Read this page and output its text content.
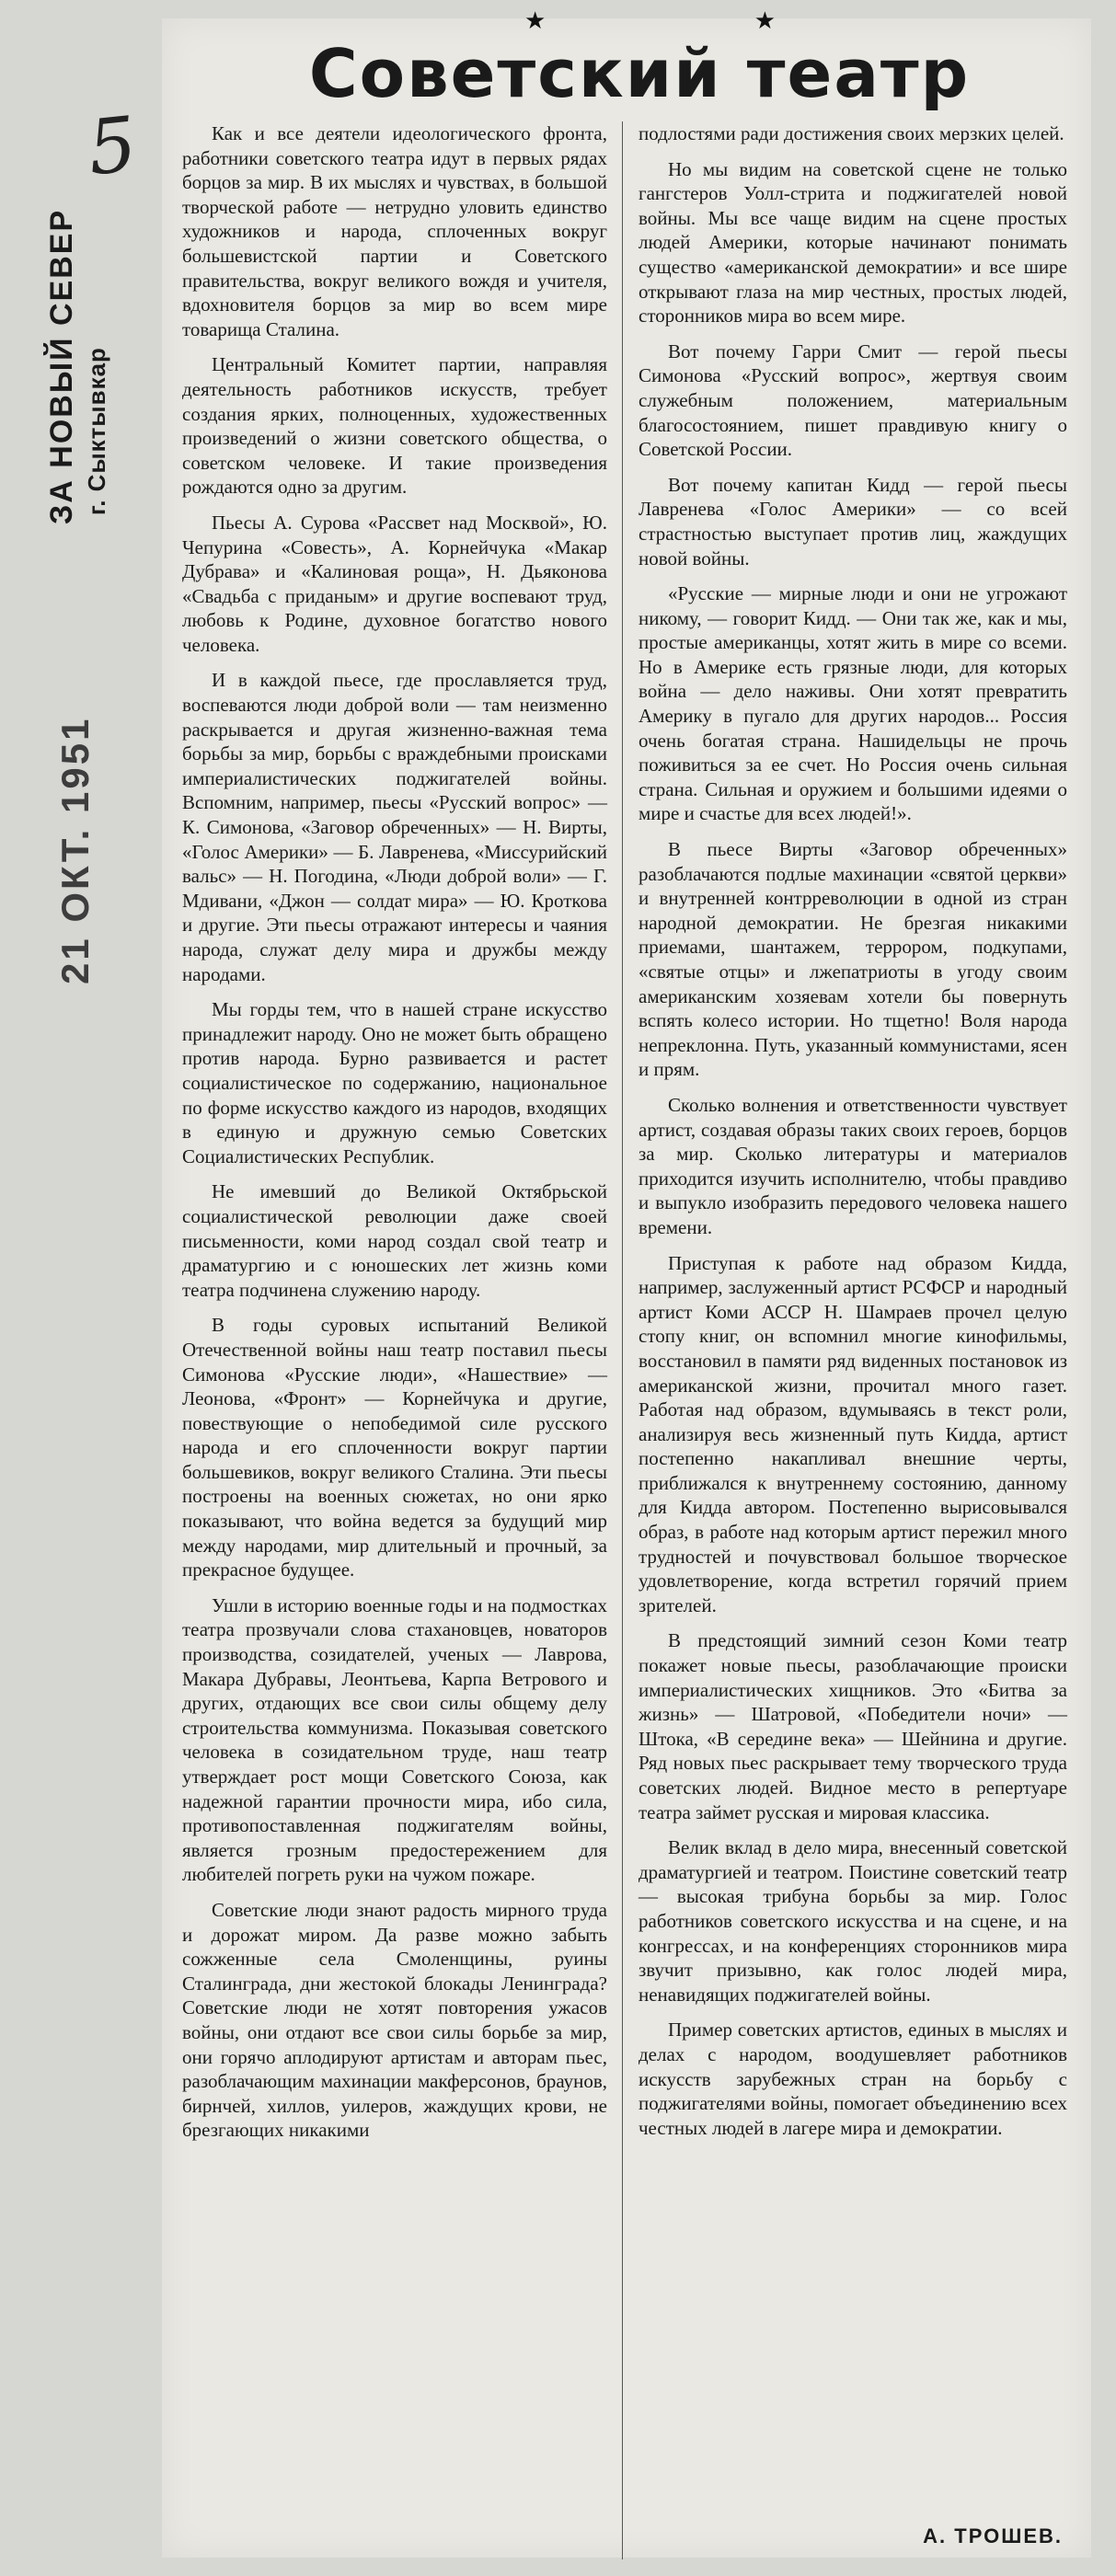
5
ЗА НОВЫЙ СЕВЕР г. Сыктывкар
21 ОКТ. 1951
★ ★
Советский театр

Как и все деятели идеологического фронта, работники советского театра идут в первых рядах борцов за мир. В их мыслях и чувствах, в большой творческой работе — нетрудно уловить единство художников и народа, сплоченных вокруг большевистской партии и Советского правительства, вокруг великого вождя и учителя, вдохновителя борцов за мир во всем мире товарища Сталина.

Центральный Комитет партии, направляя деятельность работников искусств, требует создания ярких, полноценных, художественных произведений о жизни советского общества, о советском человеке. И такие произведения рождаются одно за другим.

Пьесы А. Сурова «Рассвет над Москвой», Ю. Чепурина «Совесть», А. Корнейчука «Макар Дубрава» и «Калиновая роща», Н. Дьяконова «Свадьба с приданым» и другие воспевают труд, любовь к Родине, духовное богатство нового человека.

И в каждой пьесе, где прославляется труд, воспеваются люди доброй воли — там неизменно раскрывается и другая жизненно-важная тема борьбы за мир, борьбы с враждебными происками империалистических поджигателей войны. Вспомним, например, пьесы «Русский вопрос» — К. Симонова, «Заговор обреченных» — Н. Вирты, «Голос Америки» — Б. Лавренева, «Миссурийский вальс» — Н. Погодина, «Люди доброй воли» — Г. Мдивани, «Джон — солдат мира» — Ю. Кроткова и другие. Эти пьесы отражают интересы и чаяния народа, служат делу мира и дружбы между народами.

Мы горды тем, что в нашей стране искусство принадлежит народу. Оно не может быть обращено против народа. Бурно развивается и растет социалистическое по содержанию, национальное по форме искусство каждого из народов, входящих в единую и дружную семью Советских Социалистических Республик.

Не имевший до Великой Октябрьской социалистической революции даже своей письменности, коми народ создал свой театр и драматургию и с юношеских лет жизнь коми театра подчинена служению народу.

В годы суровых испытаний Великой Отечественной войны наш театр поставил пьесы Симонова «Русские люди», «Нашествие» — Леонова, «Фронт» — Корнейчука и другие, повествующие о непобедимой силе русского народа и его сплоченности вокруг партии большевиков, вокруг великого Сталина. Эти пьесы построены на военных сюжетах, но они ярко показывают, что война ведется за будущий мир между народами, мир длительный и прочный, за прекрасное будущее.

Ушли в историю военные годы и на подмостках театра прозвучали слова стахановцев, новаторов производства, созидателей, ученых — Лаврова, Макара Дубравы, Леонтьева, Карпа Ветрового и других, отдающих все свои силы общему делу строительства коммунизма. Показывая советского человека в созидательном труде, наш театр утверждает рост мощи Советского Союза, как надежной гарантии прочности мира, ибо сила, противопоставленная поджигателям войны, является грозным предостережением для любителей погреть руки на чужом пожаре.

Советские люди знают радость мирного труда и дорожат миром. Да разве можно забыть сожженные села Смоленщины, руины Сталинграда, дни жестокой блокады Ленинграда? Советские люди не хотят повторения ужасов войны, они отдают все свои силы борьбе за мир, они горячо аплодируют артистам и авторам пьес, разоблачающим махинации макферсонов, браунов, бирнчей, хиллов, уилеров, жаждущих крови, не брезгающих никакими

подлостями ради достижения своих мерзких целей.

Но мы видим на советской сцене не только гангстеров Уолл-стрита и поджигателей новой войны. Мы все чаще видим на сцене простых людей Америки, которые начинают понимать существо «американской демократии» и все шире открывают глаза на мир честных, простых людей, сторонников мира во всем мире.

Вот почему Гарри Смит — герой пьесы Симонова «Русский вопрос», жертвуя своим служебным положением, материальным благосостоянием, пишет правдивую книгу о Советской России.

Вот почему капитан Кидд — герой пьесы Лавренева «Голос Америки» — со всей страстностью выступает против лиц, жаждущих новой войны.

«Русские — мирные люди и они не угрожают никому, — говорит Кидд. — Они так же, как и мы, простые американцы, хотят жить в мире со всеми. Но в Америке есть грязные люди, для которых война — дело наживы. Они хотят превратить Америку в пугало для других народов... Россия очень богатая страна. Нашидельцы не прочь поживиться за ее счет. Но Россия очень сильная страна. Сильная и оружием и большими идеями о мире и счастье для всех людей!».

В пьесе Вирты «Заговор обреченных» разоблачаются подлые махинации «святой церкви» и внутренней контрреволюции в одной из стран народной демократии. Не брезгая никакими приемами, шантажем, террором, подкупами, «святые отцы» и лжепатриоты в угоду своим американским хозяевам хотели бы повернуть вспять колесо истории. Но тщетно! Воля народа непреклонна. Путь, указанный коммунистами, ясен и прям.

Сколько волнения и ответственности чувствует артист, создавая образы таких своих героев, борцов за мир. Сколько литературы и материалов приходится изучить исполнителю, чтобы правдиво и выпукло изобразить передового человека нашего времени.

Приступая к работе над образом Кидда, например, заслуженный артист РСФСР и народный артист Коми АССР Н. Шамраев прочел целую стопу книг, он вспомнил многие кинофильмы, восстановил в памяти ряд виденных постановок из американской жизни, прочитал много газет. Работая над образом, вдумываясь в текст роли, анализируя весь жизненный путь Кидда, артист постепенно накапливал внешние черты, приближался к внутреннему состоянию, данному для Кидда автором. Постепенно вырисовывался образ, в работе над которым артист пережил много трудностей и почувствовал большое творческое удовлетворение, когда встретил горячий прием зрителей.

В предстоящий зимний сезон Коми театр покажет новые пьесы, разоблачающие происки империалистических хищников. Это «Битва за жизнь» — Шатровой, «Победители ночи» — Штока, «В середине века» — Шейнина и другие. Ряд новых пьес раскрывает тему творческого труда советских людей. Видное место в репертуаре театра займет русская и мировая классика.

Велик вклад в дело мира, внесенный советской драматургией и театром. Поистине советский театр — высокая трибуна борьбы за мир. Голос работников советского искусства и на сцене, и на конгрессах, и на конференциях сторонников мира звучит призывно, как голос людей мира, ненавидящих поджигателей войны.

Пример советских артистов, единых в мыслях и делах с народом, воодушевляет работников искусств зарубежных стран на борьбу с поджигателями войны, помогает объединению всех честных людей в лагере мира и демократии.

А. ТРОШЕВ.
